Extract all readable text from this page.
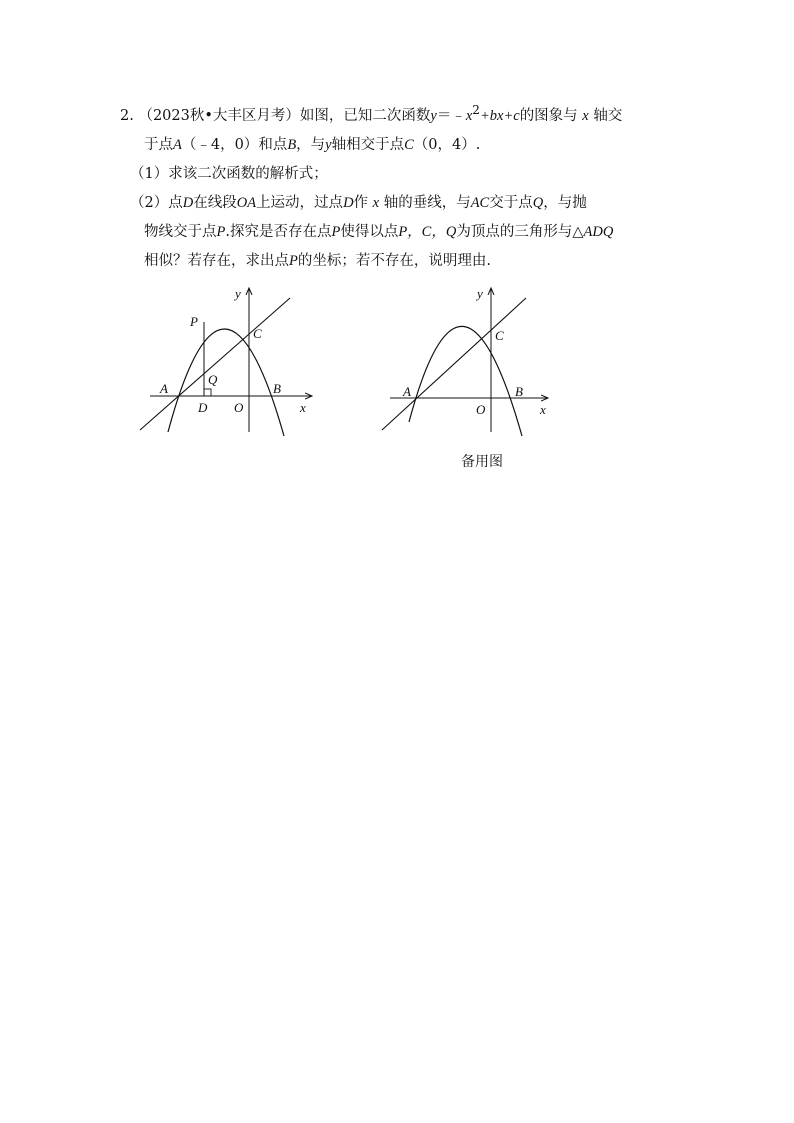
2. （2023秋•大丰区月考）如图，已知二次函数$y=﹣x^2+bx+c$的图象与 x 轴交
于点A（﹣4，0）和点B，与y轴相交于点C（0，4）.
（1）求该二次函数的解析式；
（2）点D在线段OA上运动，过点D作 x 轴的垂线，与AC交于点Q，与抛
物线交于点P.探究是否存在点P使得以点P，C，Q为顶点的三角形与△ADQ
相似？若存在，求出点P的坐标；若不存在，说明理由.
y
x
P
C
Q
A	B
D O
y
x
C
A	B
O
备用图
